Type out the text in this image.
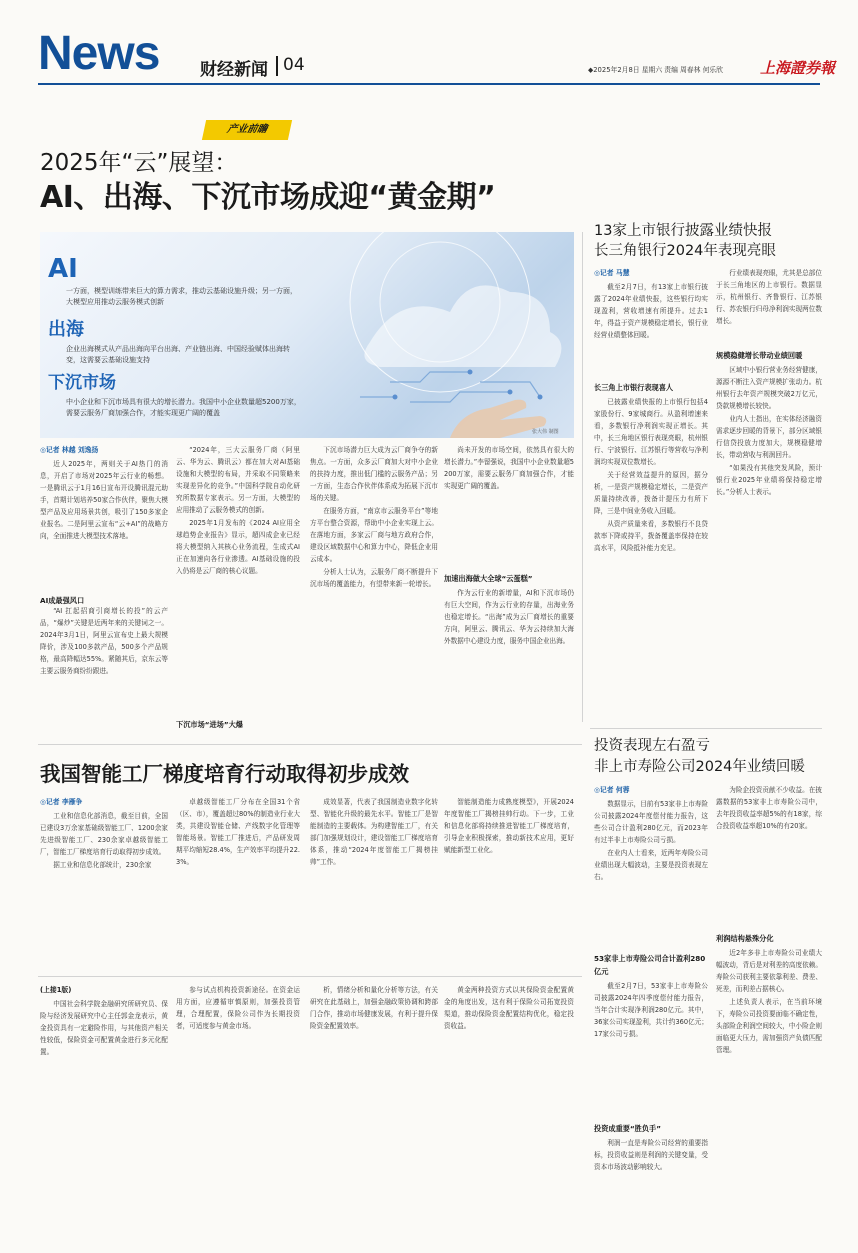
News 财经新闻 04	◆2025年2月8日 星期六 责编 周春林 何乐欣 上海證券報
产业前瞻
2025年“云”展望：
AI、出海、下沉市场成迎“黄金期”
AI
一方面，模型训练带来巨大的算力需求，推动云基础设施升级；另一方面，大模型应用推动云服务模式创新
出海
企业出海模式从产品出海向平台出海、产业链出海、中国经验赋体出海转变，这需要云基础设施支持
下沉市场
中小企业和下沉市场具有很大的增长潜力。我国中小企业数量超5200万家，需要云服务厂商加强合作，才能实现更广阔的覆盖
张大伟 制图
◎记者 林越 刘逸扬

近人2025年，两则关于AI热门的消息，开启了市场对2025年云行业的畅想。一是腾讯云于1月16日宣布开设腾讯混元助手，首期计划培养50家合作伙伴，聚焦大模型产品及应用场景共创，吸引了150多家企业报名。二是阿里云宣布“云+AI”的战略方向，全面推进大模型技术落地。

AI成最强风口

“AI 扛起招商引商增长的投”的云产品，“爆炒”关键是近两年来的关键词之一。2024年3月1日，阿里云宣布史上最大规模降价，涉及100多款产品，500多个产品规格，最高降幅达55%。紧随其后，京东云等主要云服务商纷纷跟进。

“2024年，三大云服务厂商（阿里云、华为云、腾讯云）都在加大对AI基础设施和大模型的布局，并采取不同策略来实现差异化的竞争。”中国科学院自动化研究所数据专家表示。另一方面，大模型的应用推动了云服务模式的创新。

2025年1月发布的《2024 AI应用全球趋势企业报告》显示，超四成企业已经将大模型纳入其核心业务流程，生成式AI正在加速向各行业渗透。AI基础设施的投入仍将是云厂商的核心议题。

下沉市场“进场”大爆

下沉市场潜力巨大成为云厂商争夺的新焦点。一方面，众多云厂商加大对中小企业的扶持力度，推出低门槛的云服务产品；另一方面，生态合作伙伴体系成为拓展下沉市场的关键。

在服务方面，“南京市云服务平台”等地方平台整合资源，帮助中小企业实现上云。在落地方面，多家云厂商与地方政府合作，建设区域数据中心和算力中心，降低企业用云成本。

分析人士认为，云服务厂商不断提升下沉市场的覆盖能力，有望带来新一轮增长。

尚未开发的市场空间，依然具有很大的增长潜力。”李留强说，我国中小企业数量超5200万家，需要云服务厂商加强合作，才能实现更广阔的覆盖。

加速出海做大全球“云蛋糕”

作为云行业的新增量，AI和下沉市场仍有巨大空间，作为云行业的存量，出海业务也稳定增长。“出海”成为云厂商增长的重要方向，阿里云、腾讯云、华为云持续加大海外数据中心建设力度，服务中国企业出海。

13家上市银行披露业绩快报
长三角银行2024年表现亮眼
◎记者 马慧

截至2月7日，有13家上市银行披露了2024年业绩快报，这些银行均实现盈利，营收增速有所提升。过去1年，得益于资产规模稳定增长，银行业经营业绩整体回暖。

长三角上市银行表现喜人

已披露业绩快报的上市银行包括4家股份行、9家城商行。从盈利增速来看，多数银行净利润实现正增长。其中，长三角地区银行表现亮眼，杭州银行、宁波银行、江苏银行等营收与净利润均实现双位数增长。

关于经营效益提升的原因，据分析，一是资产规模稳定增长，二是资产质量持续改善，拨备计提压力有所下降，三是中间业务收入回暖。

从资产质量来看，多数银行不良贷款率下降或持平，拨备覆盖率保持在较高水平，风险抵补能力充足。

行业绩表现亮眼，尤其是总部位于长三角地区的上市银行。数据显示，杭州银行、齐鲁银行、江苏银行、苏农银行归母净利润实现两位数增长。

规模稳健增长带动业绩回暖

区域中小银行营业务经营健康，源源不断注入资产规模扩张动力。杭州银行去年资产规模突破2万亿元，贷款规模增长较快。

业内人士指出，在实体经济融资需求逐步回暖的背景下，部分区域银行信贷投放力度加大，规模稳健增长，带动营收与利润回升。

“如果没有其他突发风险，预计银行业2025年业绩将保持稳定增长。”分析人士表示。

投资表现左右盈亏
非上市寿险公司2024年业绩回暖
◎记者 何蓉

数据显示，目前有53家非上市寿险公司披露2024年度偿付能力报告，这些公司合计盈利280亿元，而2023年有过半非上市寿险公司亏损。

在业内人士看来，近两年寿险公司业绩出现大幅波动，主要是投资表现左右。

53家非上市寿险公司合计盈利280亿元

截至2月7日，53家非上市寿险公司披露2024年四季度偿付能力报告，当年合计实现净利润280亿元。其中，36家公司实现盈利，共计约360亿元；17家公司亏损。

投资成重要“胜负手”

利润一直是寿险公司经营的重要指标，投资收益则是利润的关键变量，受资本市场波动影响较大。

为险企投资贡献不少收益。在披露数据的53家非上市寿险公司中，去年投资收益率超5%的有18家，综合投资收益率超10%的有20家。

利润结构悬殊分化

近2年多非上市寿险公司业绩大幅波动，背后是对利差的高度依赖。寿险公司获利主要依靠利差、费差、死差，而利差占据核心。

上述负责人表示，在当前环境下，寿险公司投资要面临不确定性，头部险企利润空间较大，中小险企则面临更大压力，需加强资产负债匹配管理。

我国智能工厂梯度培育行动取得初步成效
◎记者 李雁争

工业和信息化部消息，截至目前，全国已建设3万余家基础级智能工厂、1200余家先进级智能工厂、230余家卓越级智能工厂，智能工厂梯度培育行动取得初步成效。

据工业和信息化部统计，230余家

卓越级智能工厂分布在全国31个省（区、市），覆盖超过80%的制造业行业大类，共建设智能仓储、产线数字化管理等智能场景。智能工厂推进后，产品研发周期平均缩短28.4%，生产效率平均提升22.3%。

成效显著，代表了我国制造业数字化转型、智能化升级的最先水平。智能工厂是智能制造的主要载体。为构建智能工厂，有关部门加强规划设计，建设智能工厂梯度培育体系，推动“2024年度智能工厂揭榜挂帅”工作。

智能制造能力成熟度模型》，开展2024年度智能工厂揭榜挂帅行动。下一步，工业和信息化部将持续推进智能工厂梯度培育，引导企业积极探索，推动新技术应用，更好赋能新型工业化。

(上接1版)

中国社会科学院金融研究所研究员、保险与经济发展研究中心主任郭金龙表示，黄金投资具有一定避险作用，与其他资产相关性较低，保险资金可配置黄金进行多元化配置。

参与试点机构投资新途径。在资金运用方面，应遵循审慎原则，加强投资管理，合理配置，保险公司作为长期投资者，可适度参与黄金市场。

析，情绪分析和量化分析等方法，有关研究在此基础上，加强金融政策协调和跨部门合作，推动市场健康发展，有利于提升保险资金配置效率。

黄金两种投资方式以其保险资金配置黄金的角度出发，这有利于保险公司拓宽投资渠道，推动保险资金配置结构优化，稳定投资收益。
